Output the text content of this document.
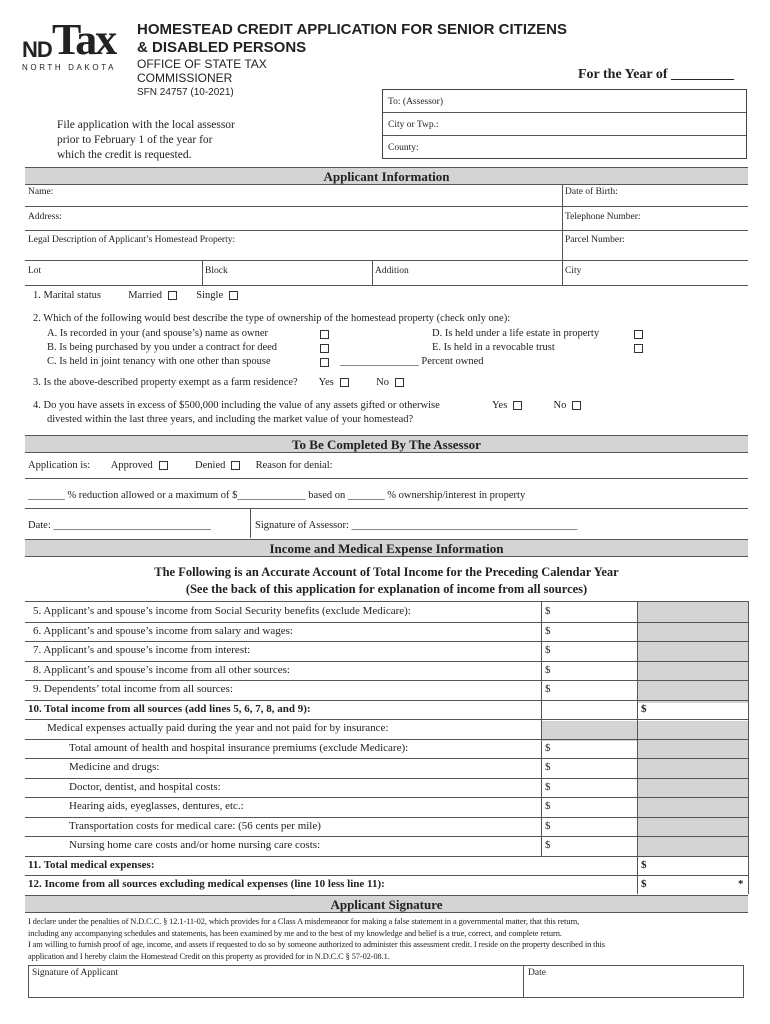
ND Tax
NORTH DAKOTA
HOMESTEAD CREDIT APPLICATION FOR SENIOR CITIZENS
& DISABLED PERSONS
OFFICE OF STATE TAX
COMMISSIONER
SFN 24757 (10-2021)
For the Year of _________
To: (Assessor)
City or Twp.:
County:
File application with the local assessor
prior to February 1 of the year for
which the credit is requested.
Applicant Information
Name:	Date of Birth:
Address:	Telephone Number:
Legal Description of Applicant’s Homestead Property:	Parcel Number:
Lot	Block	Addition	City
1. Marital status	Married	Single
2. Which of the following would best describe the type of ownership of the homestead property (check only one):
A. Is recorded in your (and spouse’s) name as owner
B. Is being purchased by you under a contract for deed
C. Is held in joint tenancy with one other than spouse
D. Is held under a life estate in property
E. Is held in a revocable trust
_______________ Percent owned
3. Is the above-described property exempt as a farm residence? Yes	No
4. Do you have assets in excess of $500,000 including the value of any assets gifted or otherwise
divested within the last three years, and including the market value of your homestead?
Yes	No
To Be Completed By The Assessor
Application is: Approved	Denied	Reason for denial:
_______ % reduction allowed or a maximum of $_____________ based on _______ % ownership/interest in property
Date: ______________________________	Signature of Assessor: ___________________________________________
Income and Medical Expense Information
The Following is an Accurate Account of Total Income for the Preceding Calendar Year
(See the back of this application for explanation of income from all sources)
5. Applicant’s and spouse’s income from Social Security benefits (exclude Medicare):	$
6. Applicant’s and spouse’s income from salary and wages:	$
7. Applicant’s and spouse’s income from interest:	$
8. Applicant’s and spouse’s income from all other sources:	$
9. Dependents’ total income from all sources:	$
10. Total income from all sources (add lines 5, 6, 7, 8, and 9):	$
Medical expenses actually paid during the year and not paid for by insurance:
Total amount of health and hospital insurance premiums (exclude Medicare):	$
Medicine and drugs:	$
Doctor, dentist, and hospital costs:	$
Hearing aids, eyeglasses, dentures, etc.:	$
Transportation costs for medical care: (56 cents per mile)	$
Nursing home care costs and/or home nursing care costs:	$
11. Total medical expenses:	$
12. Income from all sources excluding medical expenses (line 10 less line 11):	$	*
Applicant Signature
I declare under the penalties of N.D.C.C. § 12.1-11-02, which provides for a Class A misdemeanor for making a false statement in a governmental matter, that this return,
including any accompanying schedules and statements, has been examined by me and to the best of my knowledge and belief is a true, correct, and complete return.
I am willing to furnish proof of age, income, and assets if requested to do so by someone authorized to administer this assessment credit. I reside on the property described in this
application and I hereby claim the Homestead Credit on this property as provided for in N.D.C.C § 57-02-08.1.
Signature of Applicant	Date
